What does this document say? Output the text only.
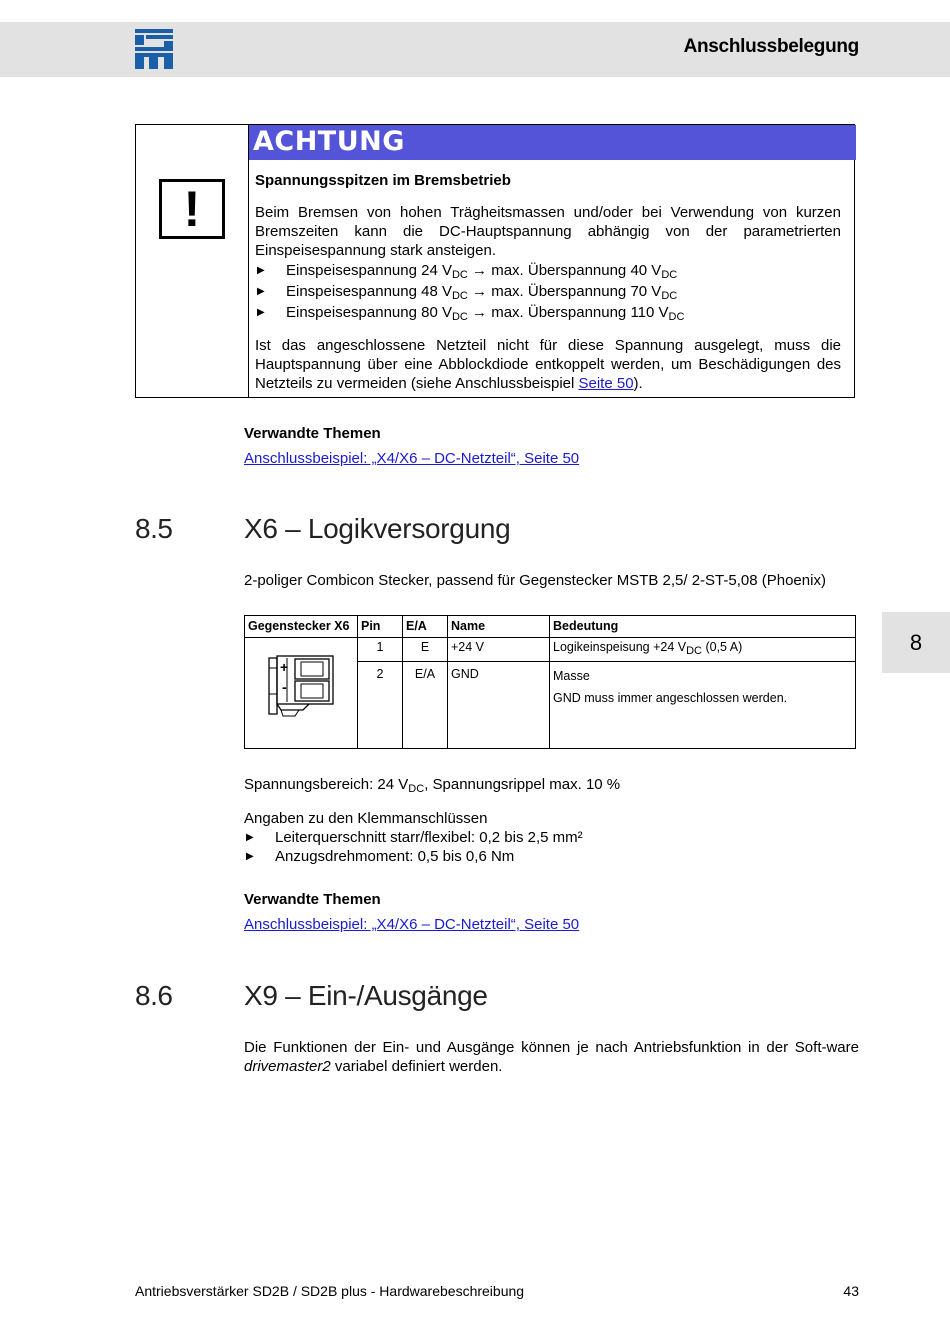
Anschlussbelegung
8
!
ACHTUNG
Spannungsspitzen im Bremsbetrieb
Beim Bremsen von hohen Trägheitsmassen und/oder bei Verwendung von kurzen Bremszeiten kann die DC-Hauptspannung abhängig von der parametrierten Einspeisespannung stark ansteigen.
▶ Einspeisespannung 24 $V_{DC} \to \max$. Überspannung 40 $V_{DC}$
▶ Einspeisespannung 48 $V_{DC} \to \max$. Überspannung 70 $V_{DC}$
▶ Einspeisespannung 80 $V_{DC} \to \max$. Überspannung 110 $V_{DC}$
Ist das angeschlossene Netzteil nicht für diese Spannung ausgelegt, muss die Hauptspannung über eine Abblockdiode entkoppelt werden, um Beschädigungen des Netzteils zu vermeiden (siehe Anschlussbeispiel Seite 50).
Verwandte Themen
Anschlussbeispiel: „X4/X6 – DC-Netzteil“, Seite 50
8.5	X6 – Logikversorgung
2-poliger Combicon Stecker, passend für Gegenstecker MSTB 2,5/ 2-ST-5,08 (Phoenix)
Gegenstecker X6	Pin	E/A	Name	Bedeutung

+
-	1	E	+24 V	Logikeinspeisung +24 $V_{DC}$ (0,5 A)
	2	E/A	GND	Masse
GND muss immer angeschlossen werden.
Spannungsbereich: 24 $V_{DC}$, Spannungsrippel max. 10 %
Angaben zu den Klemmanschlüssen
▶ Leiterquerschnitt starr/flexibel: 0,2 bis 2,5 mm²
▶ Anzugsdrehmoment: 0,5 bis 0,6 Nm
Verwandte Themen
Anschlussbeispiel: „X4/X6 – DC-Netzteil“, Seite 50
8.6	X9 – Ein-/Ausgänge
Die Funktionen der Ein- und Ausgänge können je nach Antriebsfunktion in der Soft-ware drivemaster2 variabel definiert werden.
Antriebsverstärker SD2B / SD2B plus - Hardwarebeschreibung	43
